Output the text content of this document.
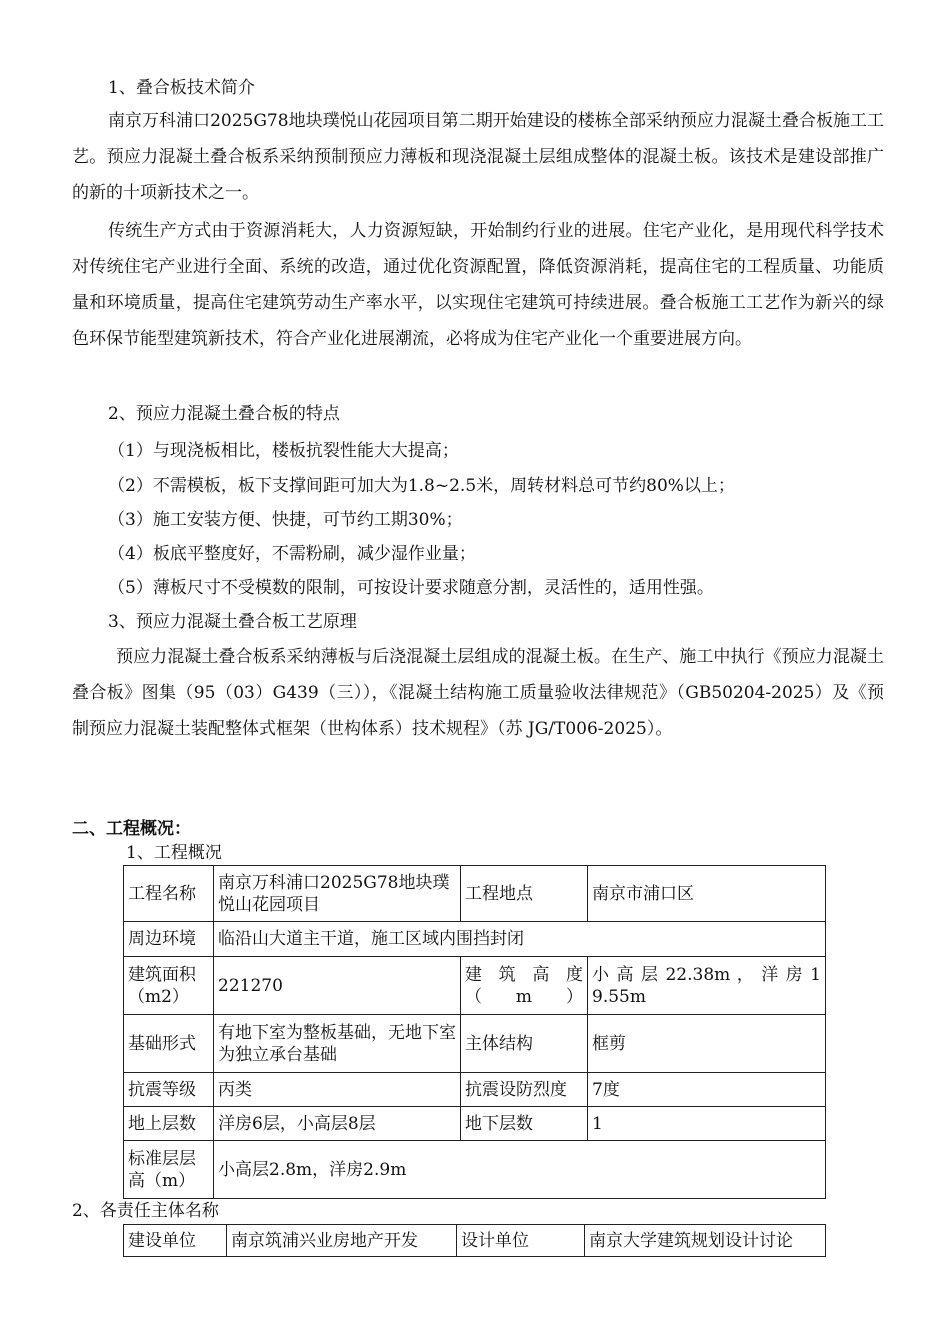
1、叠合板技术简介
南京万科浦口2025G78地块璞悦山花园项目第二期开始建设的楼栋全部采纳预应力混凝土叠合板施工工艺。预应力混凝土叠合板系采纳预制预应力薄板和现浇混凝土层组成整体的混凝土板。该技术是建设部推广的新的十项新技术之一。
传统生产方式由于资源消耗大，人力资源短缺，开始制约行业的进展。住宅产业化，是用现代科学技术对传统住宅产业进行全面、系统的改造，通过优化资源配置，降低资源消耗，提高住宅的工程质量、功能质量和环境质量，提高住宅建筑劳动生产率水平，以实现住宅建筑可持续进展。叠合板施工工艺作为新兴的绿色环保节能型建筑新技术，符合产业化进展潮流，必将成为住宅产业化一个重要进展方向。
2、预应力混凝土叠合板的特点
（1）与现浇板相比，楼板抗裂性能大大提高；
（2）不需模板，板下支撑间距可加大为1.8~2.5米，周转材料总可节约80%以上；
（3）施工安装方便、快捷，可节约工期30%；
（4）板底平整度好，不需粉刷，减少湿作业量；
（5）薄板尺寸不受模数的限制，可按设计要求随意分割，灵活性的，适用性强。
3、预应力混凝土叠合板工艺原理
预应力混凝土叠合板系采纳薄板与后浇混凝土层组成的混凝土板。在生产、施工中执行《预应力混凝土叠合板》图集（95（03）G439（三）），《混凝土结构施工质量验收法律规范》（GB50204-2025）及《预制预应力混凝土装配整体式框架（世构体系）技术规程》（苏 JG/T006-2025）。
二、工程概况：
1、工程概况
工程名称	南京万科浦口2025G78地块璞悦山花园项目	工程地点	南京市浦口区
周边环境	临沿山大道主干道，施工区域内围挡封闭		
建筑面积（m2）	221270	建 筑 高 度（m）	小 高 层 22.38m ， 洋 房 19.55m
基础形式	有地下室为整板基础，无地下室为独立承台基础	主体结构	框剪
抗震等级	丙类	抗震设防烈度	7度
地上层数	洋房6层，小高层8层	地下层数	1
标准层层高（m）	小高层2.8m，洋房2.9m		
2、各责任主体名称
建设单位	南京筑浦兴业房地产开发	设计单位	南京大学建筑规划设计讨论
